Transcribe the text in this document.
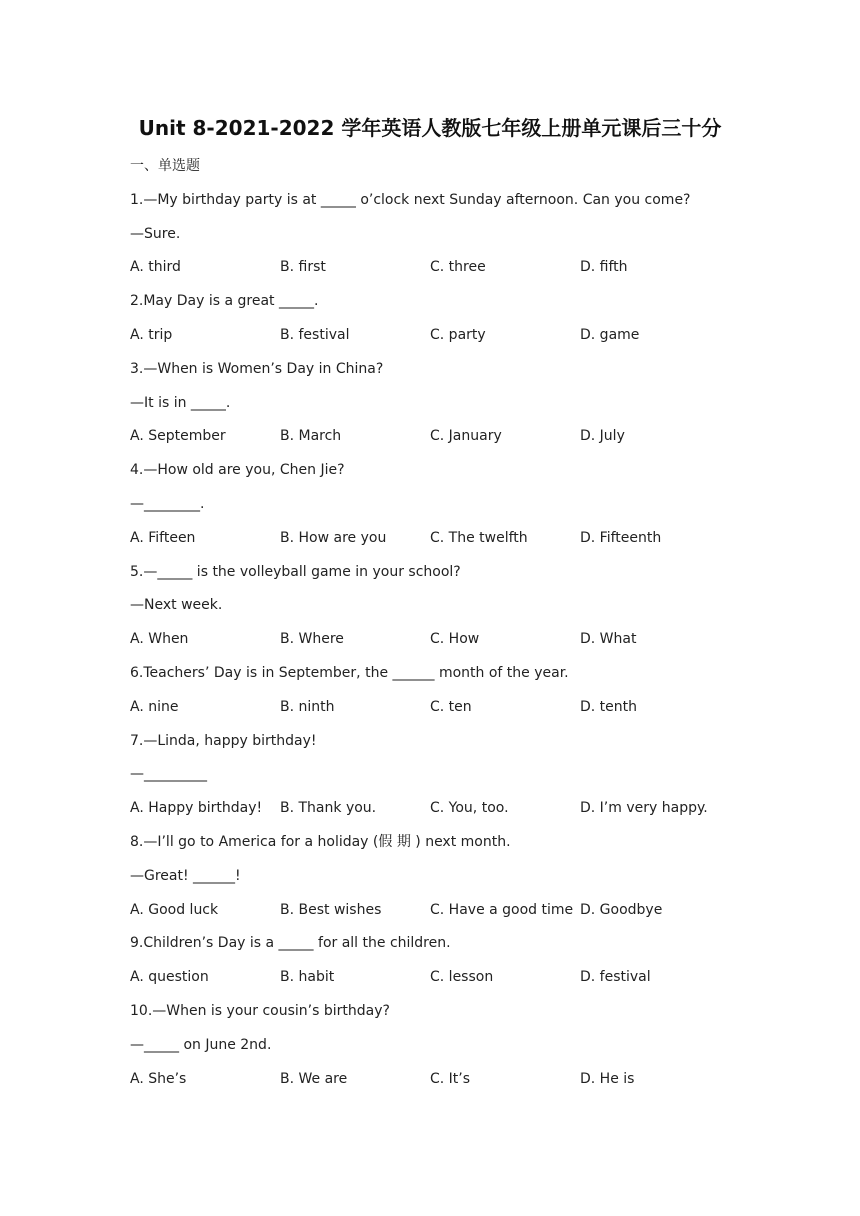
Unit 8-2021-2022 学年英语人教版七年级上册单元课后三十分
一、单选题
1.—My birthday party is at _____ o’clock next Sunday afternoon. Can you come?
—Sure.
A. third	B. first	C. three	D. fifth
2.May Day is a great _____.
A. trip	B. festival	C. party	D. game
3.—When is Women’s Day in China?
—It is in _____.
A. September	B. March	C. January	D. July
4.—How old are you, Chen Jie?
—________.
A. Fifteen	B. How are you	C. The twelfth	D. Fifteenth
5.—_____ is the volleyball game in your school?
—Next week.
A. When	B. Where	C. How	D. What
6.Teachers’ Day is in September, the ______ month of the year.
A. nine	B. ninth	C. ten	D. tenth
7.—Linda, happy birthday!
—_________
A. Happy birthday!	B. Thank you.	C. You, too.	D. I’m very happy.
8.—I’ll go to America for a holiday (假 期 ) next month.
—Great! ______!
A. Good luck	B. Best wishes	C. Have a good time D. Goodbye
9.Children’s Day is a _____ for all the children.
A. question	B. habit	C. lesson	D. festival
10.—When is your cousin’s birthday?
—_____ on June 2nd.
A. She’s	B. We are	C. It’s	D. He is
